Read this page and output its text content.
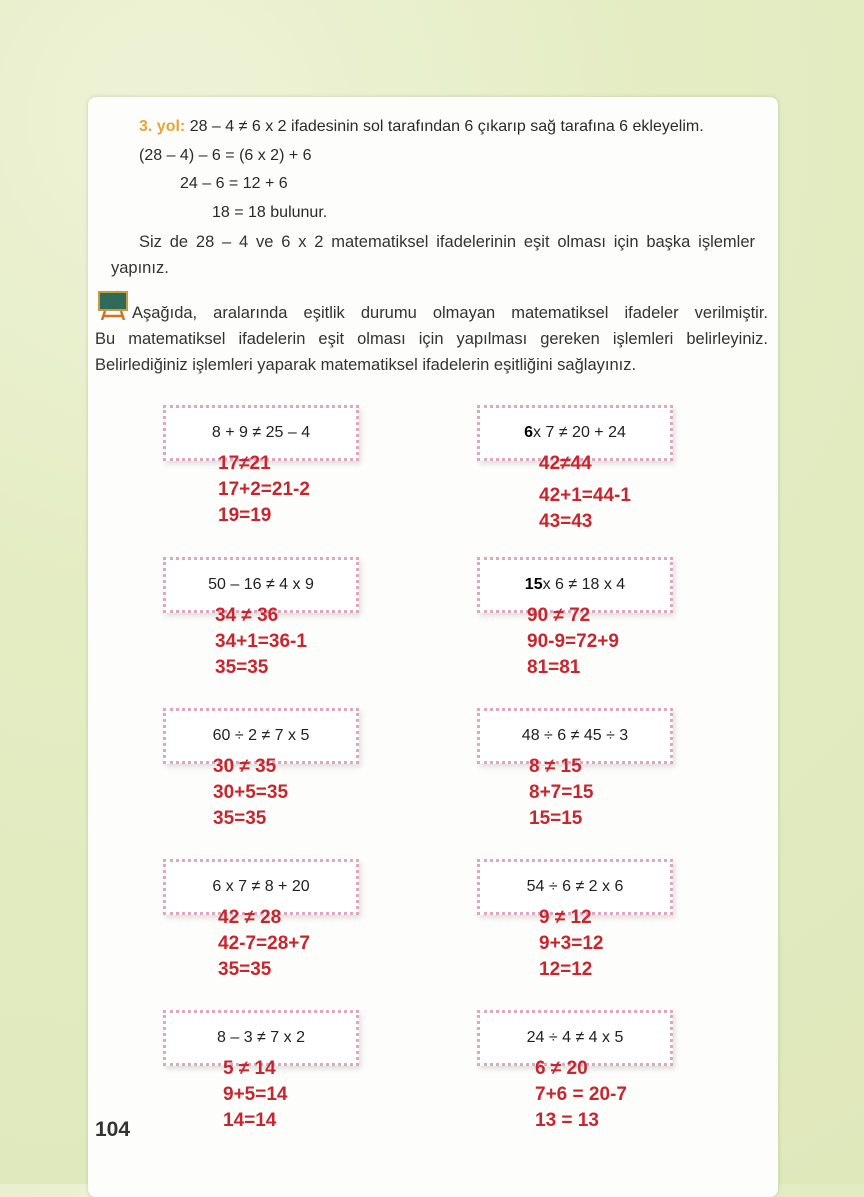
3. yol: 28 – 4 ≠ 6 x 2 ifadesinin sol tarafından 6 çıkarıp sağ tarafına 6 ekleyelim.
(28 – 4) – 6 = (6 x 2) + 6
24 – 6 = 12 + 6
18 = 18 bulunur.
Siz de 28 – 4 ve 6 x 2 matematiksel ifadelerinin eşit olması için başka işlemler
yapınız.
Aşağıda, aralarında eşitlik durumu olmayan matematiksel ifadeler verilmiştir.
Bu matematiksel ifadelerin eşit olması için yapılması gereken işlemleri belirleyiniz.
Belirlediğiniz işlemleri yaparak matematiksel ifadelerin eşitliğini sağlayınız.
8 + 9 ≠ 25 – 4
17≠21
17+2=21-2
19=19
6 x 7 ≠ 20 + 24
42≠44
42+1=44-1
43=43
50 – 16 ≠ 4 x 9
34 ≠ 36
34+1=36-1
35=35
15 x 6 ≠ 18 x 4
90 ≠ 72
90-9=72+9
81=81
60 ÷ 2 ≠ 7 x 5
30 ≠ 35
30+5=35
35=35
48 ÷ 6 ≠ 45 ÷ 3
8 ≠ 15
8+7=15
15=15
6 x 7 ≠ 8 + 20
42 ≠ 28
42-7=28+7
35=35
54 ÷ 6 ≠ 2 x 6
9 ≠ 12
9+3=12
12=12
8 – 3 ≠ 7 x 2
5 ≠ 14
9+5=14
14=14
24 ÷ 4 ≠ 4 x 5
6 ≠ 20
7+6 = 20-7
13 = 13
104
